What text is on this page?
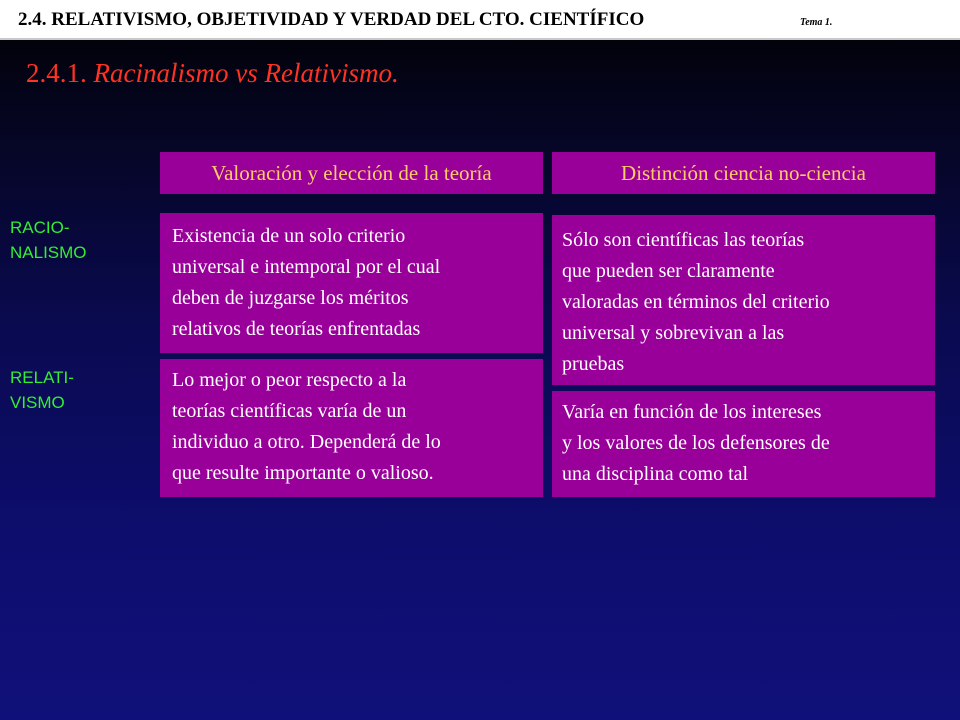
2.4. RELATIVISMO, OBJETIVIDAD Y VERDAD DEL CTO. CIENTÍFICO	Tema 1.
2.4.1. Racinalismo vs Relativismo.
Valoración y elección de la teoría	Distinción ciencia no-ciencia
RACIO-
NALISMO
RELATI-
VISMO
Existencia de un solo criterio
universal e intemporal por el cual
deben de juzgarse los méritos
relativos de teorías enfrentadas
Sólo son científicas las teorías
que pueden ser claramente
valoradas en términos del criterio
universal y sobrevivan a las
pruebas
Lo mejor o peor respecto a la
teorías científicas varía de un
individuo a otro. Dependerá de lo
que resulte importante o valioso.
Varía en función de los intereses
y los valores de los defensores de
una disciplina como tal
